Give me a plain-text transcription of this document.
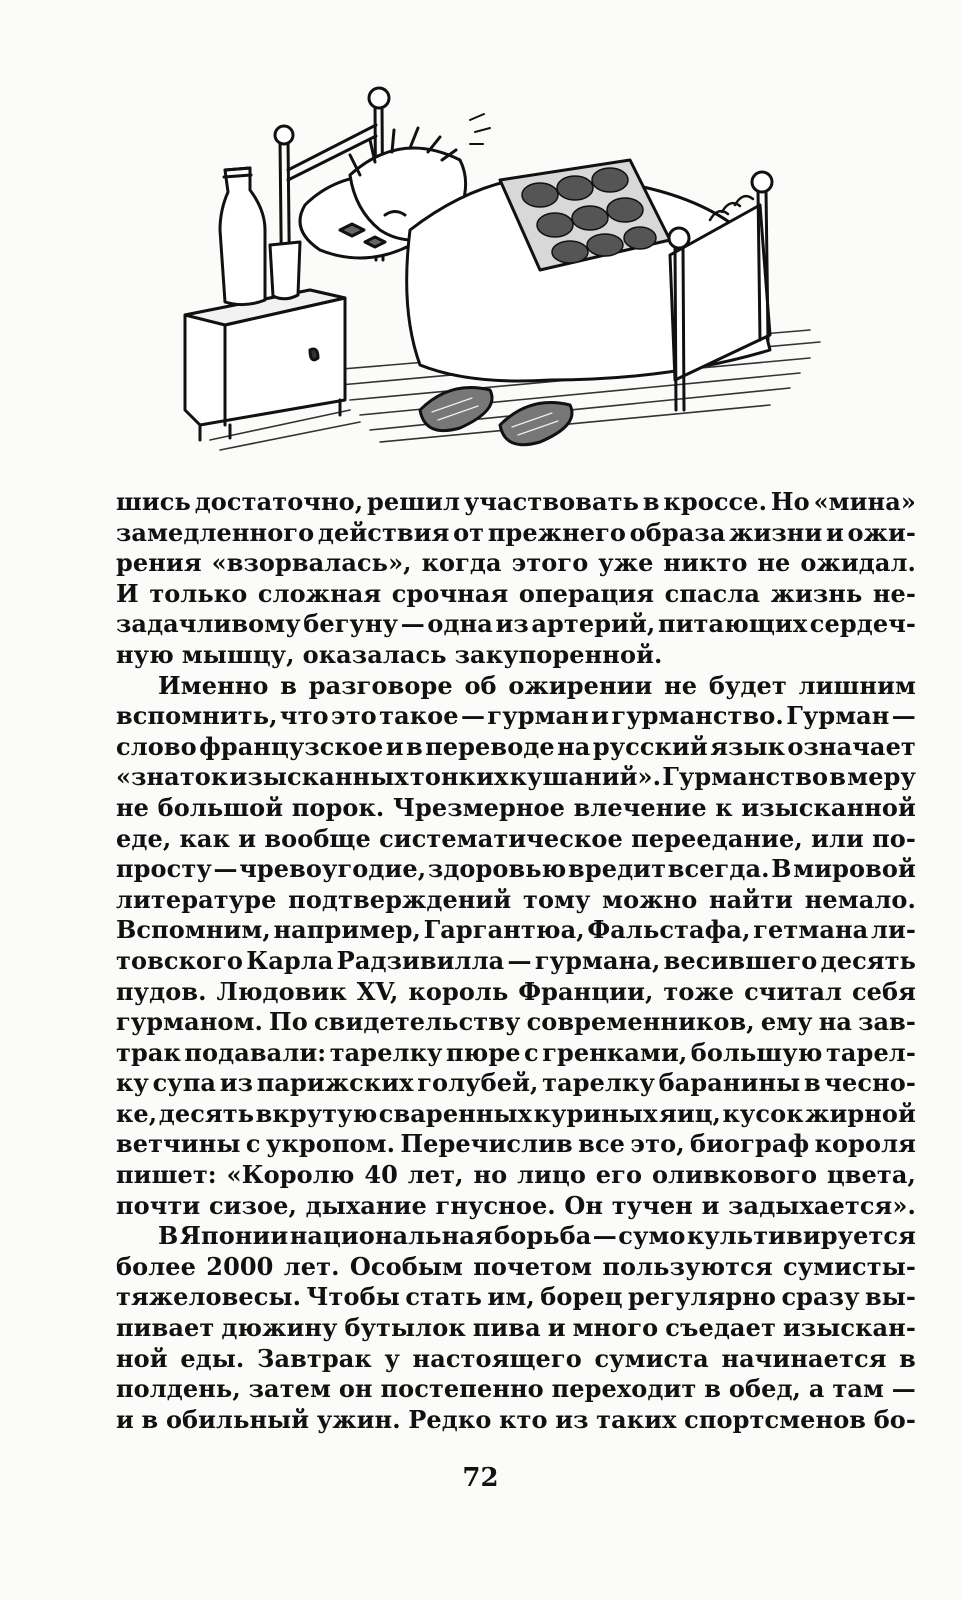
шись достаточно, решил участвовать в кроссе. Но «мина»
замедленного действия от прежнего образа жизни и ожи-
рения «взорвалась», когда этого уже никто не ожидал.
И только сложная срочная операция спасла жизнь не-
задачливому бегуну — одна из артерий, питающих сердеч-
ную мышцу, оказалась закупоренной.
Именно в разговоре об ожирении не будет лишним
вспомнить, что это такое — гурман и гурманство. Гурман —
слово французское и в переводе на русский язык означает
«знаток изысканных тонких кушаний». Гурманство в меру
не большой порок. Чрезмерное влечение к изысканной
еде, как и вообще систематическое переедание, или по-
просту — чревоугодие, здоровью вредит всегда. В мировой
литературе подтверждений тому можно найти немало.
Вспомним, например, Гаргантюа, Фальстафа, гетмана ли-
товского Карла Радзивилла — гурмана, весившего десять
пудов. Людовик XV, король Франции, тоже считал себя
гурманом. По свидетельству современников, ему на зав-
трак подавали: тарелку пюре с гренками, большую тарел-
ку супа из парижских голубей, тарелку баранины в чесно-
ке, десять вкрутую сваренных куриных яиц, кусок жирной
ветчины с укропом. Перечислив все это, биограф короля
пишет: «Королю 40 лет, но лицо его оливкового цвета,
почти сизое, дыхание гнусное. Он тучен и задыхается».
В Японии национальная борьба — сумо культивируется
более 2000 лет. Особым почетом пользуются сумисты-
тяжеловесы. Чтобы стать им, борец регулярно сразу вы-
пивает дюжину бутылок пива и много съедает изыскан-
ной еды. Завтрак у настоящего сумиста начинается в
полдень, затем он постепенно переходит в обед, а там —
и в обильный ужин. Редко кто из таких спортсменов бо-
72
